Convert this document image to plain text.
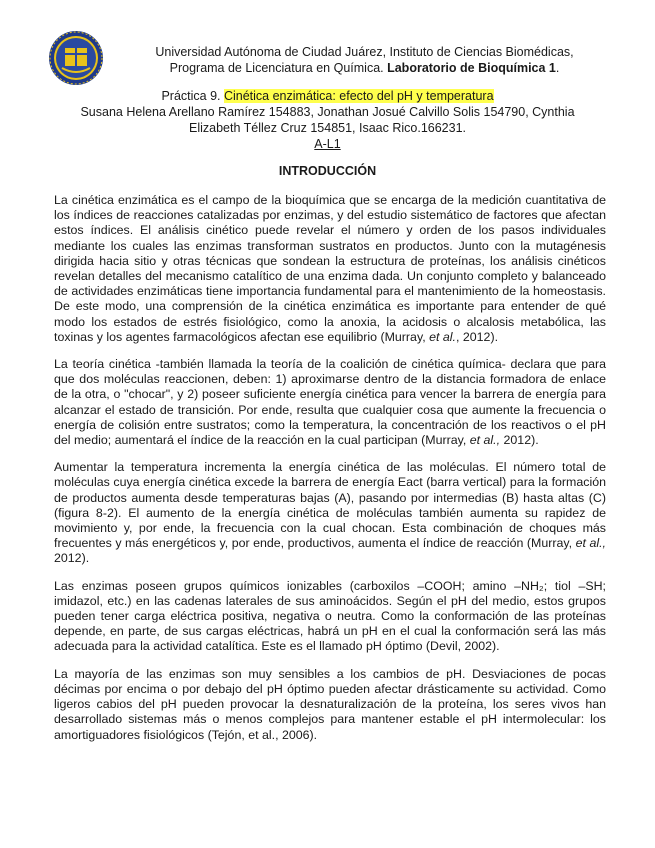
Universidad Autónoma de Ciudad Juárez, Instituto de Ciencias Biomédicas,
Programa de Licenciatura en Química. Laboratorio de Bioquímica 1.
Práctica 9. Cinética enzimática: efecto del pH y temperatura
Susana Helena Arellano Ramírez 154883, Jonathan Josué Calvillo Solis 154790, Cynthia
Elizabeth Téllez Cruz 154851, Isaac Rico.166231.
A-L1
INTRODUCCIÓN

La cinética enzimática es el campo de la bioquímica que se encarga de la medición cuantitativa de los índices de reacciones catalizadas por enzimas, y del estudio sistemático de factores que afectan estos índices. El análisis cinético puede revelar el número y orden de los pasos individuales mediante los cuales las enzimas transforman sustratos en productos. Junto con la mutagénesis dirigida hacia sitio y otras técnicas que sondean la estructura de proteínas, los análisis cinéticos revelan detalles del mecanismo catalítico de una enzima dada. Un conjunto completo y balanceado de actividades enzimáticas tiene importancia fundamental para el mantenimiento de la homeostasis. De este modo, una comprensión de la cinética enzimática es importante para entender de qué modo los estados de estrés fisiológico, como la anoxia, la acidosis o alcalosis metabólica, las toxinas y los agentes farmacológicos afectan ese equilibrio (Murray, et al., 2012).

La teoría cinética -también llamada la teoría de la coalición de cinética química- declara que para que dos moléculas reaccionen, deben: 1) aproximarse dentro de la distancia formadora de enlace de la otra, o "chocar", y 2) poseer suficiente energía cinética para vencer la barrera de energía para alcanzar el estado de transición. Por ende, resulta que cualquier cosa que aumente la frecuencia o energía de colisión entre sustratos; como la temperatura, la concentración de los reactivos o el pH del medio; aumentará el índice de la reacción en la cual participan (Murray, et al., 2012).

Aumentar la temperatura incrementa la energía cinética de las moléculas. El número total de moléculas cuya energía cinética excede la barrera de energía Eact (barra vertical) para la formación de productos aumenta desde temperaturas bajas (A), pasando por intermedias (B) hasta altas (C) (figura 8-2). El aumento de la energía cinética de moléculas también aumenta su rapidez de movimiento y, por ende, la frecuencia con la cual chocan. Esta combinación de choques más frecuentes y más energéticos y, por ende, productivos, aumenta el índice de reacción (Murray, et al., 2012).

Las enzimas poseen grupos químicos ionizables (carboxilos –COOH; amino –NH₂; tiol –SH; imidazol, etc.) en las cadenas laterales de sus aminoácidos. Según el pH del medio, estos grupos pueden tener carga eléctrica positiva, negativa o neutra. Como la conformación de las proteínas depende, en parte, de sus cargas eléctricas, habrá un pH en el cual la conformación será las más adecuada para la actividad catalítica. Este es el llamado pH óptimo (Devil, 2002).

La mayoría de las enzimas son muy sensibles a los cambios de pH. Desviaciones de pocas décimas por encima o por debajo del pH óptimo pueden afectar drásticamente su actividad. Como ligeros cabios del pH pueden provocar la desnaturalización de la proteína, los seres vivos han desarrollado sistemas más o menos complejos para mantener estable el pH intermolecular: los amortiguadores fisiológicos (Tejón, et al., 2006).
